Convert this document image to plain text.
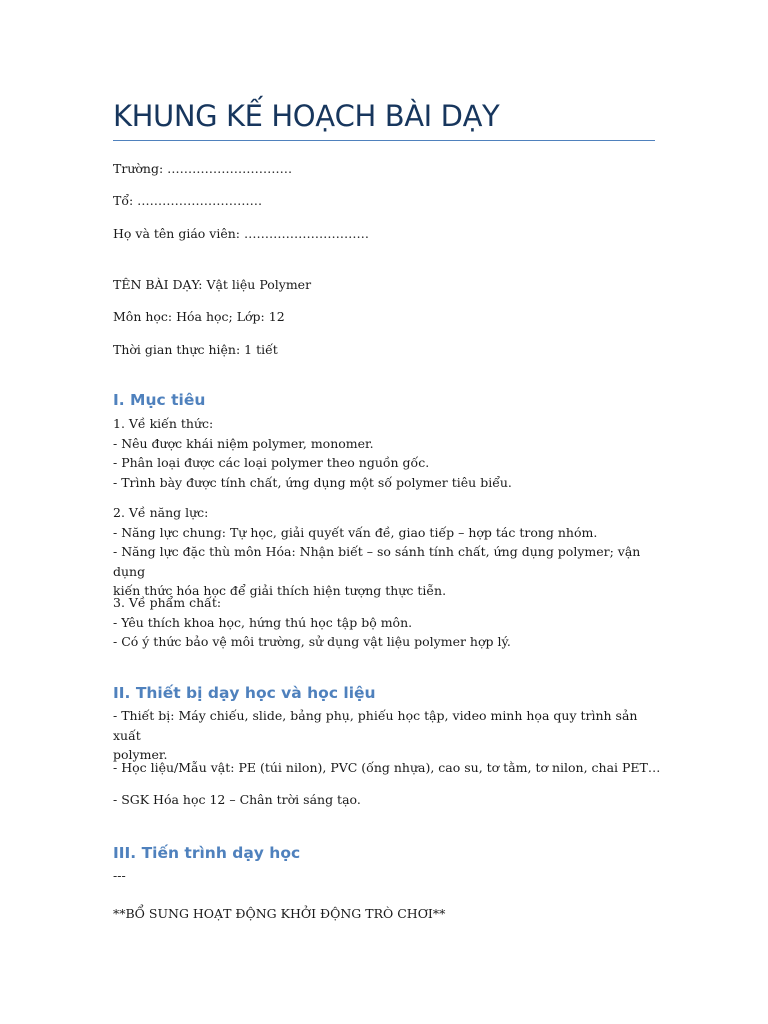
KHUNG KẾ HOẠCH BÀI DẠY
Trường: …………………………
Tổ: …………………………
Họ và tên giáo viên: …………………………
TÊN BÀI DẠY: Vật liệu Polymer
Môn học: Hóa học; Lớp: 12
Thời gian thực hiện: 1 tiết
I. Mục tiêu
1. Về kiến thức:
- Nêu được khái niệm polymer, monomer.
- Phân loại được các loại polymer theo nguồn gốc.
- Trình bày được tính chất, ứng dụng một số polymer tiêu biểu.
2. Về năng lực:
- Năng lực chung: Tự học, giải quyết vấn đề, giao tiếp – hợp tác trong nhóm.
- Năng lực đặc thù môn Hóa: Nhận biết – so sánh tính chất, ứng dụng polymer; vận dụng
kiến thức hóa học để giải thích hiện tượng thực tiễn.
3. Về phẩm chất:
- Yêu thích khoa học, hứng thú học tập bộ môn.
- Có ý thức bảo vệ môi trường, sử dụng vật liệu polymer hợp lý.
II. Thiết bị dạy học và học liệu
- Thiết bị: Máy chiếu, slide, bảng phụ, phiếu học tập, video minh họa quy trình sản xuất
polymer.
- Học liệu/Mẫu vật: PE (túi nilon), PVC (ống nhựa), cao su, tơ tằm, tơ nilon, chai PET…
- SGK Hóa học 12 – Chân trời sáng tạo.
III. Tiến trình dạy học
---
**BỔ SUNG HOẠT ĐỘNG KHỞI ĐỘNG TRÒ CHƠI**
